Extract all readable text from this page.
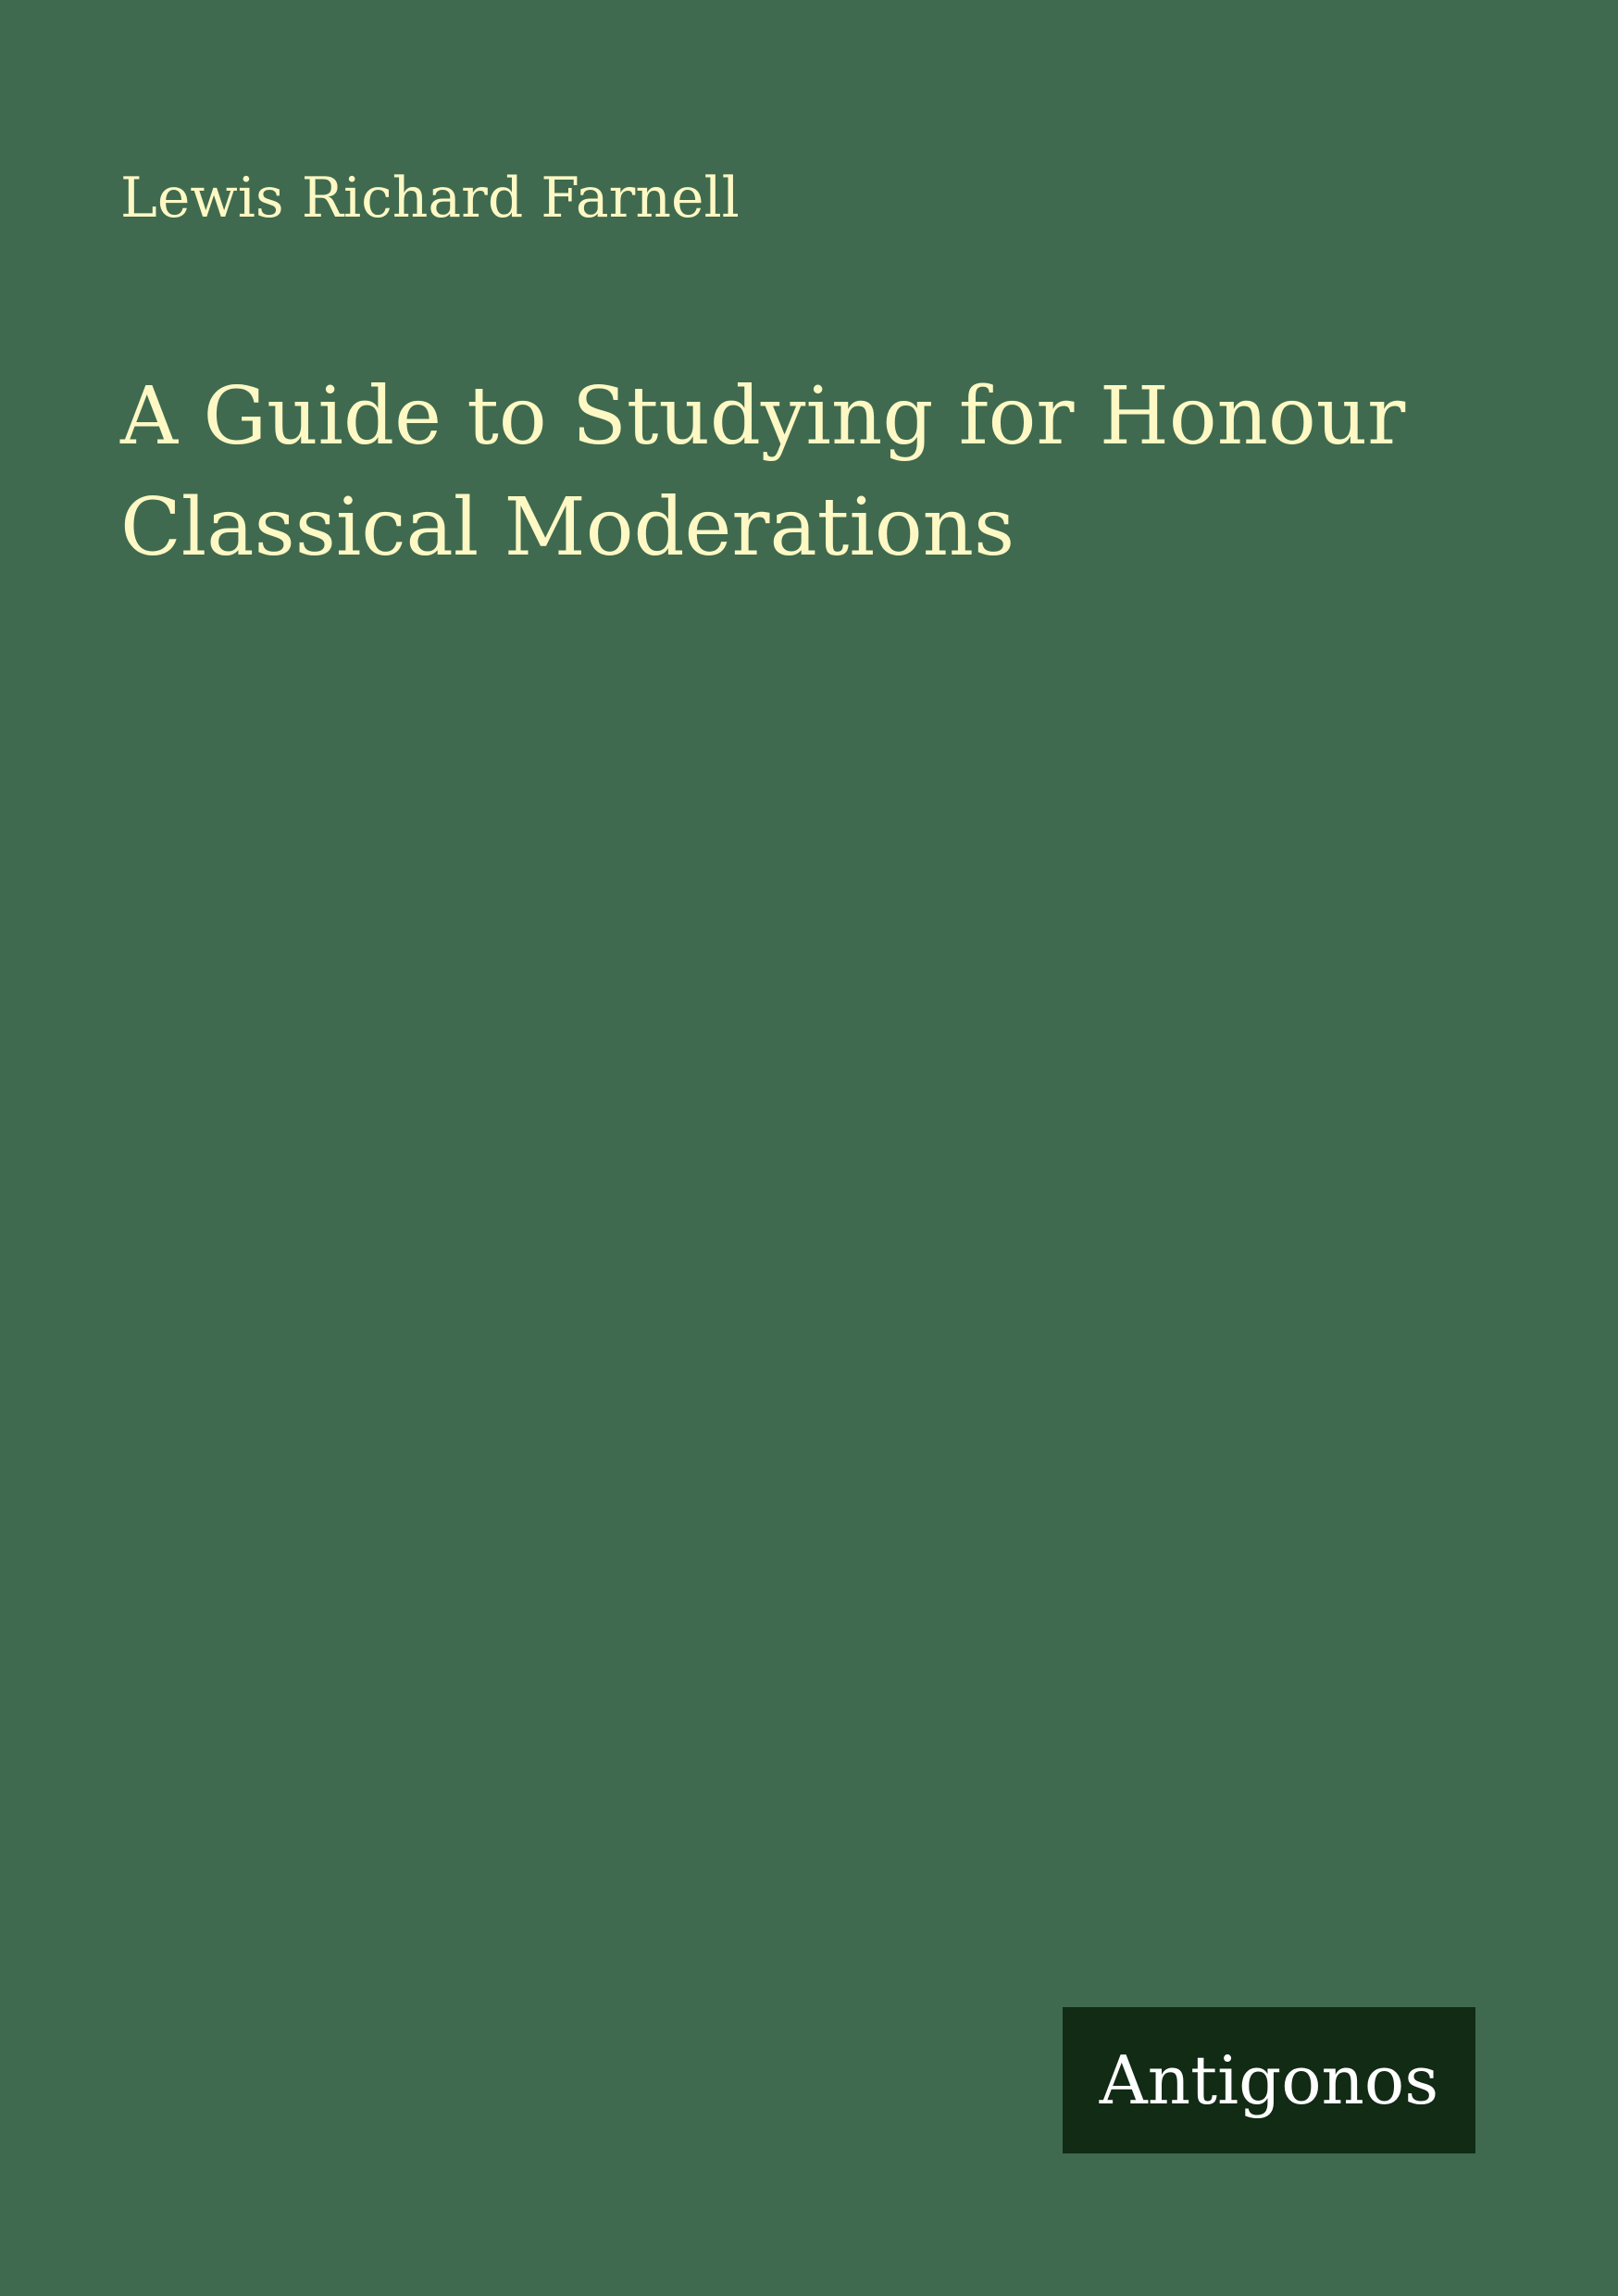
Lewis Richard Farnell
A Guide to Studying for Honour
Classical Moderations
Antigonos
